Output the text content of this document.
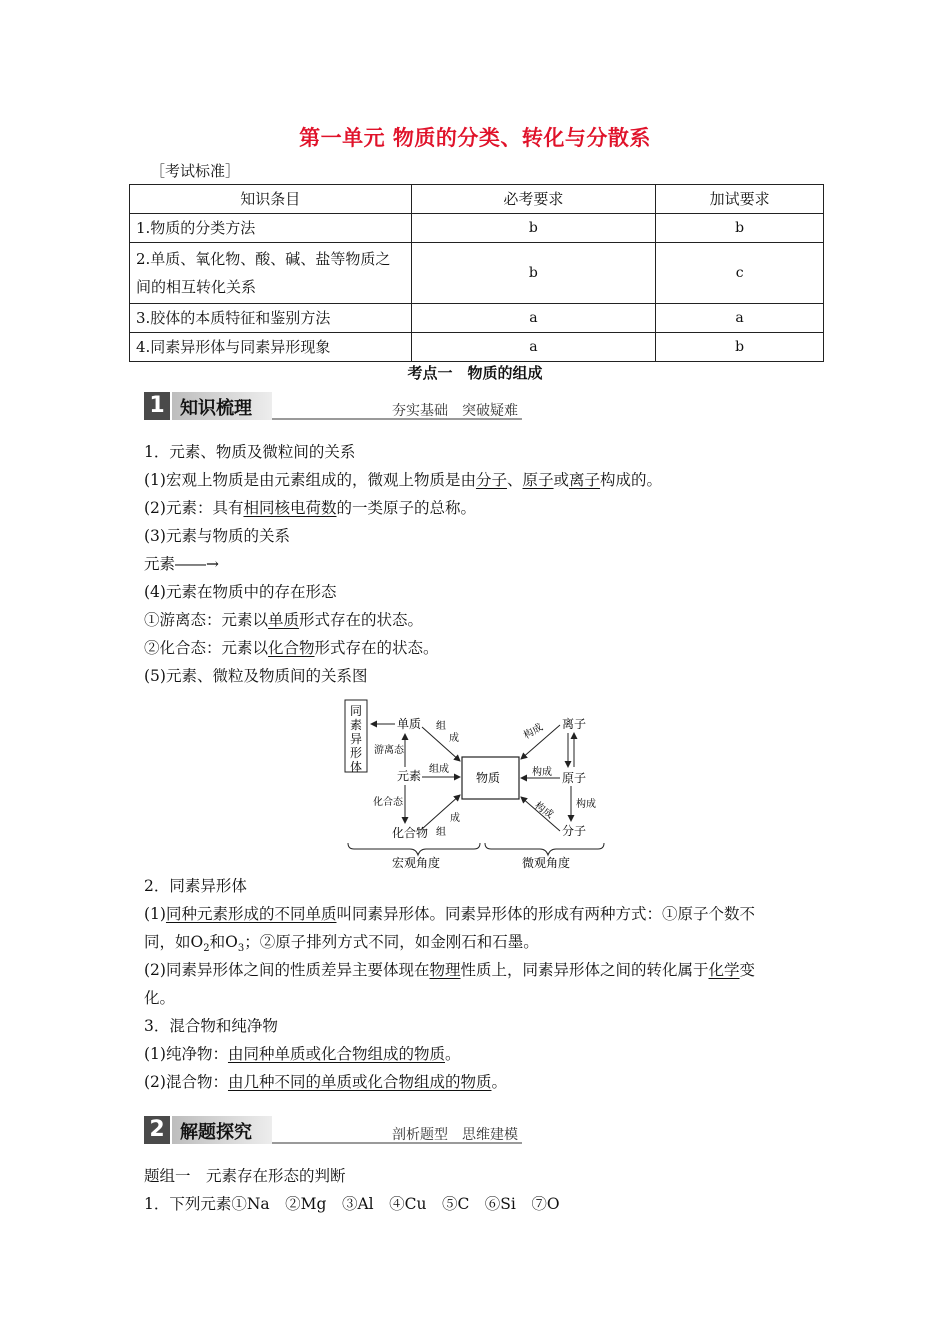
第一单元 物质的分类、转化与分散系
［考试标准］
知识条目	必考要求	加试要求
1.物质的分类方法	b	b
2.单质、氧化物、酸、碱、盐等物质之间的相互转化关系	b	c
3.胶体的本质特征和鉴别方法	a	a
4.同素异形体与同素异形现象	a	b
考点一　物质的组成
1 知识梳理	夯实基础　突破疑难
1．元素、物质及微粒间的关系
(1)宏观上物质是由元素组成的，微观上物质是由分子、原子或离子构成的。
(2)元素：具有相同核电荷数的一类原子的总称。
(3)元素与物质的关系
元素――→
(4)元素在物质中的存在形态
①游离态：元素以单质形式存在的状态。
②化合态：元素以化合物形式存在的状态。
(5)元素、微粒及物质间的关系图
同 素 异 形 体
物质
单质
元素
化合物
离子
原子
分子
游离态
化合态
组
成
组成
成
组
构成
构成
构成 构成
宏观角度	微观角度
2．同素异形体
(1)同种元素形成的不同单质叫同素异形体。同素异形体的形成有两种方式：①原子个数不
同，如$O_2$和$O_3$；②原子排列方式不同，如金刚石和石墨。
(2)同素异形体之间的性质差异主要体现在物理性质上，同素异形体之间的转化属于化学变
化。
3．混合物和纯净物
(1)纯净物：由同种单质或化合物组成的物质。
(2)混合物：由几种不同的单质或化合物组成的物质。
2 解题探究	剖析题型　思维建模
题组一　元素存在形态的判断
1．下列元素①Na　②Mg　③Al　④Cu　⑤C　⑥Si　⑦O
